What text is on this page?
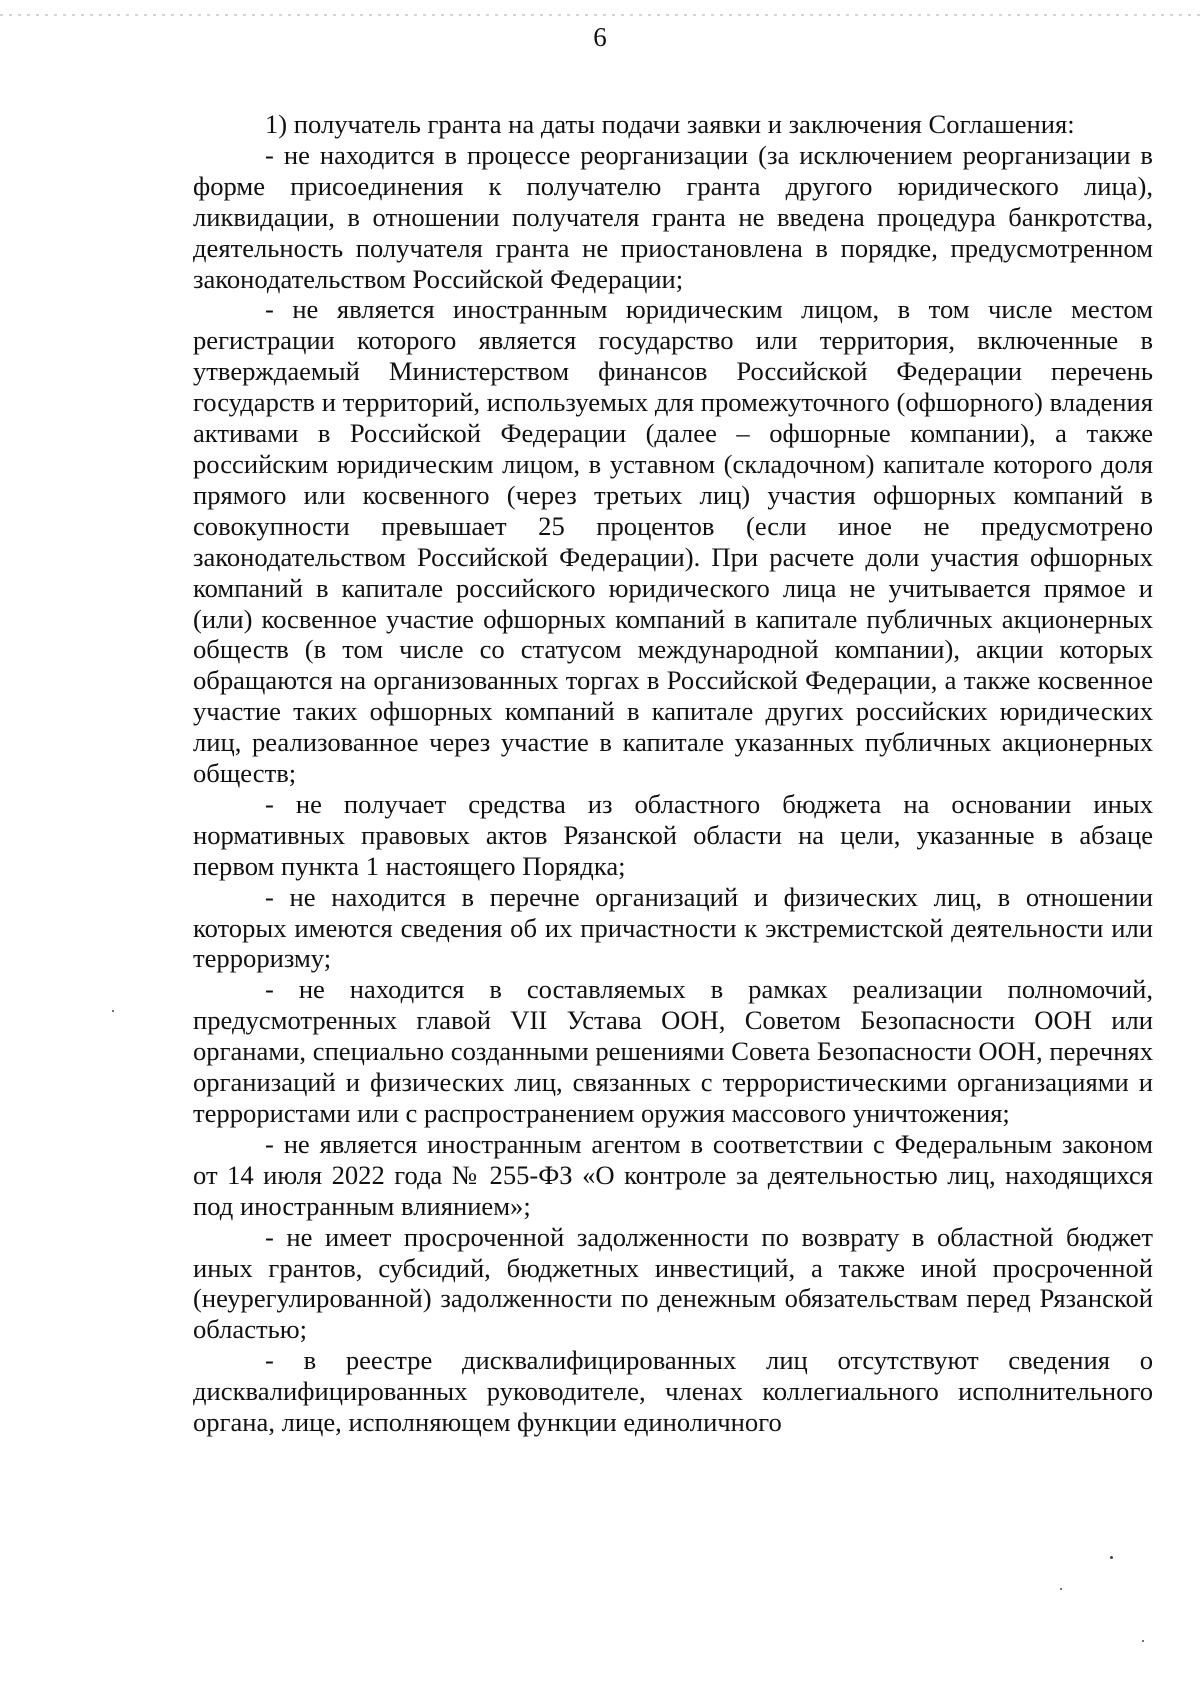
6

1) получатель гранта на даты подачи заявки и заключения Соглашения:

- не находится в процессе реорганизации (за исключением реорганизации в форме присоединения к получателю гранта другого юридического лица), ликвидации, в отношении получателя гранта не введена процедура банкротства, деятельность получателя гранта не приостановлена в порядке, предусмотренном законодательством Российской Федерации;

- не является иностранным юридическим лицом, в том числе местом регистрации которого является государство или территория, включенные в утверждаемый Министерством финансов Российской Федерации перечень государств и территорий, используемых для промежуточного (офшорного) владения активами в Российской Федерации (далее – офшорные компании), а также российским юридическим лицом, в уставном (складочном) капитале которого доля прямого или косвенного (через третьих лиц) участия офшорных компаний в совокупности превышает 25 процентов (если иное не предусмотрено законодательством Российской Федерации). При расчете доли участия офшорных компаний в капитале российского юридического лица не учитывается прямое и (или) косвенное участие офшорных компаний в капитале публичных акционерных обществ (в том числе со статусом международной компании), акции которых обращаются на организованных торгах в Российской Федерации, а также косвенное участие таких офшорных компаний в капитале других российских юридических лиц, реализованное через участие в капитале указанных публичных акционерных обществ;

- не получает средства из областного бюджета на основании иных нормативных правовых актов Рязанской области на цели, указанные в абзаце первом пункта 1 настоящего Порядка;

- не находится в перечне организаций и физических лиц, в отношении которых имеются сведения об их причастности к экстремистской деятельности или терроризму;

- не находится в составляемых в рамках реализации полномочий, предусмотренных главой VII Устава ООН, Советом Безопасности ООН или органами, специально созданными решениями Совета Безопасности ООН, перечнях организаций и физических лиц, связанных с террористическими организациями и террористами или с распространением оружия массового уничтожения;

- не является иностранным агентом в соответствии с Федеральным законом от 14 июля 2022 года № 255-ФЗ «О контроле за деятельностью лиц, находящихся под иностранным влиянием»;

- не имеет просроченной задолженности по возврату в областной бюджет иных грантов, субсидий, бюджетных инвестиций, а также иной просроченной (неурегулированной) задолженности по денежным обязательствам перед Рязанской областью;

- в реестре дисквалифицированных лиц отсутствуют сведения о дисквалифицированных руководителе, членах коллегиального исполнительного органа, лице, исполняющем функции единоличного
